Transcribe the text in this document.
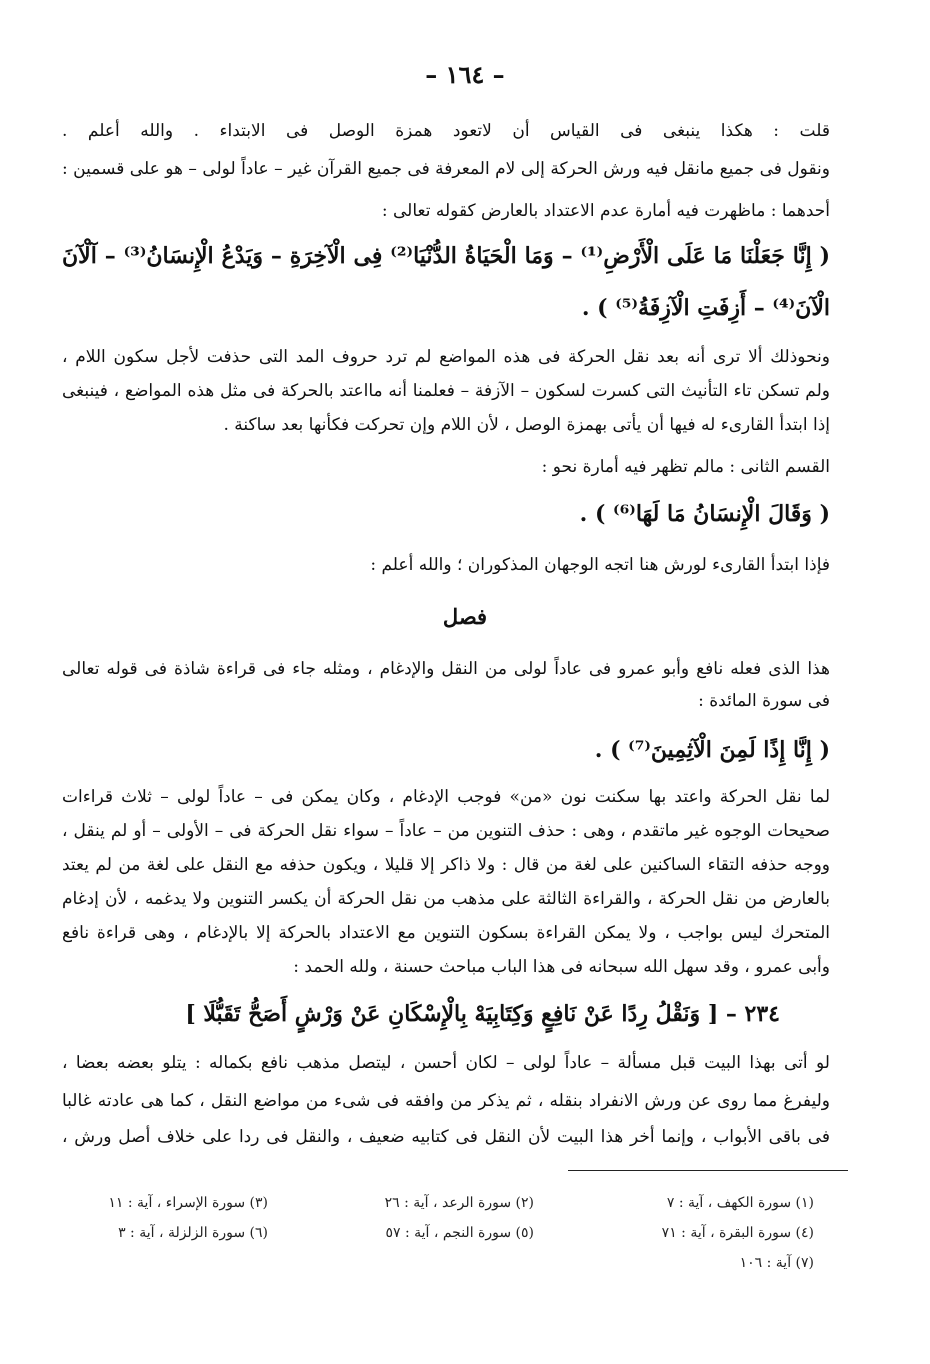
– ١٦٤ –
قلت : هكذا ينبغى فى القياس أن لاتعود همزة الوصل فى الابتداء . والله أعلم .
ونقول فى جميع مانقل فيه ورش الحركة إلى لام المعرفة فى جميع القرآن غير – عاداً لولى – هو على قسمين :
أحدهما : ماظهرت فيه أمارة عدم الاعتداد بالعارض كقوله تعالى :
( إِنَّا جَعَلْنَا مَا عَلَى الْأَرْضِ⁽¹⁾ – وَمَا الْحَيَاةُ الدُّنْيَا⁽²⁾ فِى الْآخِرَةِ – وَيَدْعُ الْإِنسَانُ⁽³⁾ – آلْآنَ
الْآنَ⁽⁴⁾ – أَزِفَتِ الْآزِفَةُ⁽⁵⁾ ) .
ونحوذلك ألا ترى أنه بعد نقل الحركة فى هذه المواضع لم ترد حروف المد التى حذفت لأجل سكون اللام ،
ولم تسكن تاء التأنيث التى كسرت لسكون – الآزفة – فعلمنا أنه مااعتد بالحركة فى مثل هذه المواضع ، فينبغى
إذا ابتدأ القارىء له فيها أن يأتى بهمزة الوصل ، لأن اللام وإن تحركت فكأنها بعد ساكنة .
القسم الثانى : مالم تظهر فيه أمارة نحو :
( وَقَالَ الْإِنسَانُ مَا لَهَا⁽⁶⁾ ) .
فإذا ابتدأ القارىء لورش هنا اتجه الوجهان المذكوران ؛ والله أعلم :
فصل
هذا الذى فعله نافع وأبو عمرو فى عاداً لولى من النقل والإدغام ، ومثله جاء فى قراءة شاذة فى قوله تعالى
فى سورة المائدة :
( إِنَّا إِذًا لَمِنَ الْآثِمِينَ⁽⁷⁾ ) .
لما نقل الحركة واعتد بها سكنت نون «من» فوجب الإدغام ، وكان يمكن فى – عاداً لولى – ثلاث قراءات
صحيحات الوجوه غير ماتقدم ، وهى : حذف التنوين من – عاداً – سواء نقل الحركة فى – الأولى – أو لم ينقل ،
ووجه حذفه التقاء الساكنين على لغة من قال : ولا ذاكر إلا قليلا ، ويكون حذفه مع النقل على لغة من لم يعتد
بالعارض من نقل الحركة ، والقراءة الثالثة على مذهب من نقل الحركة أن يكسر التنوين ولا يدغمه ، لأن إدغام
المتحرك ليس بواجب ، ولا يمكن القراءة بسكون التنوين مع الاعتداد بالحركة إلا بالإدغام ، وهى قراءة نافع
وأبى عمرو ، وقد سهل الله سبحانه فى هذا الباب مباحث حسنة ، ولله الحمد :
٢٣٤ – [ وَنَقْلُ رِدًا عَنْ نَافِعٍ وَكِتَابِيَهْ بِالْإِسْكَانِ عَنْ وَرْشٍ أَصَحُّ تَقَبُّلَا ]
لو أتى بهذا البيت قبل مسألة – عاداً لولى – لكان أحسن ، ليتصل مذهب نافع بكماله : يتلو بعضه بعضا ،
وليفرغ مما روى عن ورش الانفراد بنقله ، ثم يذكر من وافقه فى شىء من مواضع النقل ، كما هى عادته غالبا
فى باقى الأبواب ، وإنما أخر هذا البيت لأن النقل فى كتابيه ضعيف ، والنقل فى ردا على خلاف أصل ورش ،
(١) سورة الكهف ، آية : ٧
(٢) سورة الرعد ، آية : ٢٦
(٣) سورة الإسراء ، آية : ١١
(٤) سورة البقرة ، آية : ٧١
(٥) سورة النجم ، آية : ٥٧
(٦) سورة الزلزلة ، آية : ٣
(٧) آية : ١٠٦
